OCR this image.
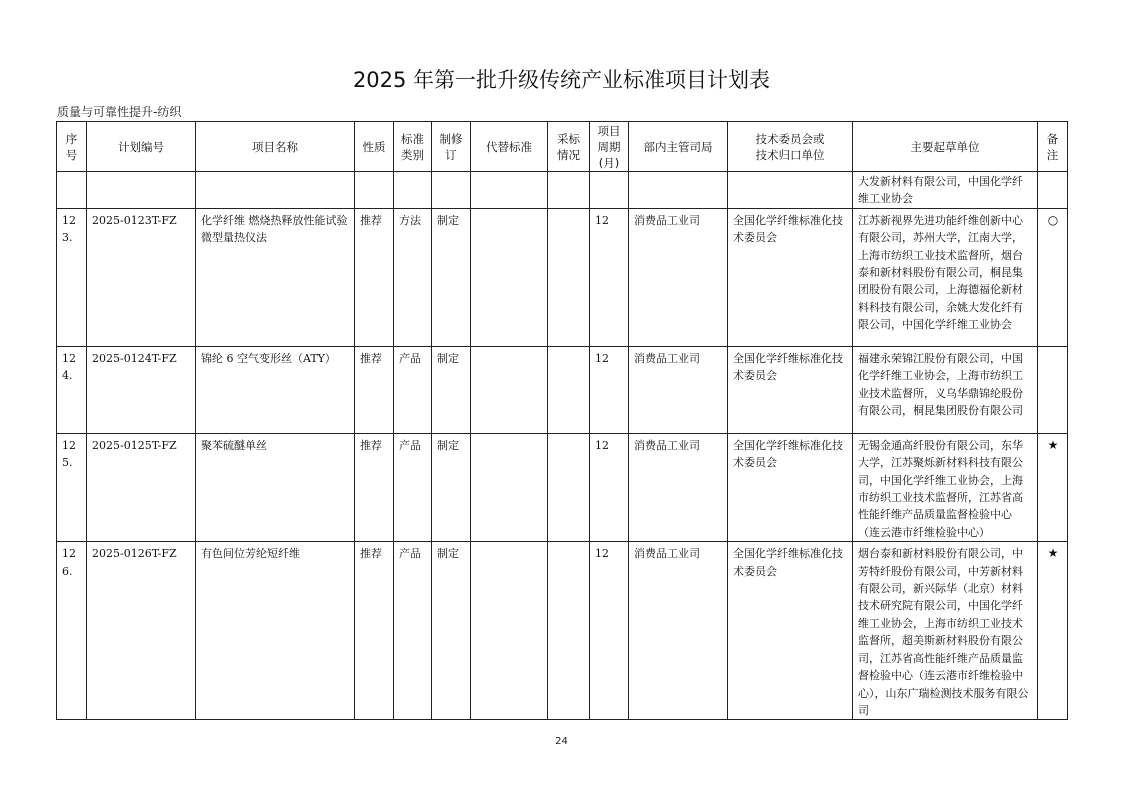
2025 年第一批升级传统产业标准项目计划表
质量与可靠性提升-纺织
序号	计划编号	项目名称	性质	标准类别	制修订	代替标准	采标情况	项目周期(月)	部内主管司局	技术委员会或技术归口单位	主要起草单位	备注

											大发新材料有限公司，中国化学纤维工业协会	

123.	2025-0123T-FZ	化学纤维 燃烧热释放性能试验 微型量热仪法	推荐	方法	制定			12	消费品工业司	全国化学纤维标准化技术委员会	江苏新视界先进功能纤维创新中心有限公司，苏州大学，江南大学，上海市纺织工业技术监督所，烟台泰和新材料股份有限公司，桐昆集团股份有限公司，上海德福伦新材料科技有限公司，余姚大发化纤有限公司，中国化学纤维工业协会	○

124.	2025-0124T-FZ	锦纶 6 空气变形丝（ATY）	推荐	产品	制定			12	消费品工业司	全国化学纤维标准化技术委员会	福建永荣锦江股份有限公司，中国化学纤维工业协会，上海市纺织工业技术监督所，义乌华鼎锦纶股份有限公司，桐昆集团股份有限公司	

125.	2025-0125T-FZ	聚苯硫醚单丝	推荐	产品	制定			12	消费品工业司	全国化学纤维标准化技术委员会	无锡金通高纤股份有限公司，东华大学，江苏聚烁新材料科技有限公司，中国化学纤维工业协会，上海市纺织工业技术监督所，江苏省高性能纤维产品质量监督检验中心（连云港市纤维检验中心）	★

126.	2025-0126T-FZ	有色间位芳纶短纤维	推荐	产品	制定			12	消费品工业司	全国化学纤维标准化技术委员会	烟台泰和新材料股份有限公司，中芳特纤股份有限公司，中芳新材料有限公司，新兴际华（北京）材料技术研究院有限公司，中国化学纤维工业协会，上海市纺织工业技术监督所，超美斯新材料股份有限公司，江苏省高性能纤维产品质量监督检验中心（连云港市纤维检验中心），山东广瑞检测技术服务有限公司	★
24
